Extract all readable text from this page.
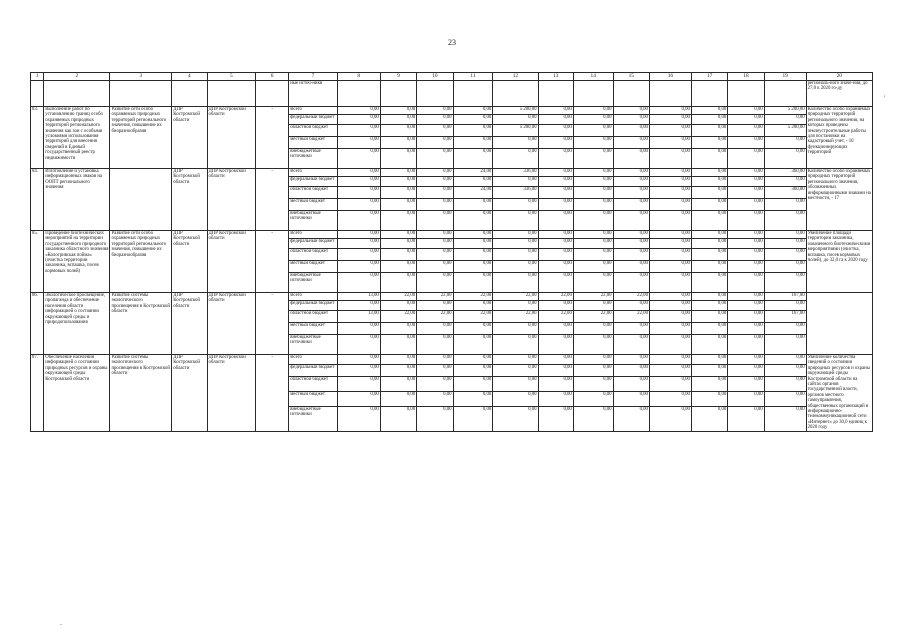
23
1	2	3	4	5	6	7	8	9	10	11	12	13	14	15	16	17	18	19	20
						ные источ-ники													региональ-ного значе-ния, до 27,0 к 2020 го-ду
83.	Выполнение работ по установлению границ особо охраняемых природных территорий регионального значения как зон с особыми условиями использования территорий для внесения сведений в Единый государственный реестр недвижимости	Развитие сети особо охраняемых природных территорий регионального значения, повышение их биоразнообразия	ДПР Костромской области	ДПР Костромской области	-	Всего	0,00	0,00	0,00	0,00	5 200,00	0,00	0,00	0,00	0,00	0,00	0,00	5 200,00	Количество особо охраняемых природных территорий регионального значения, на которых проведены землеустроительные работы для постановки на кадастровый учет, - 10 функционирующих территорий
						федеральный бюджет	0,00	0,00	0,00	0,00	0,00	0,00	0,00	0,00	0,00	0,00	0,00	0,00	
						областной бюджет	0,00	0,00	0,00	0,00	5 200,00	0,00	0,00	0,00	0,00	0,00	0,00	5 200,00	
						местный бюджет	0,00	0,00	0,00	0,00	0,00	0,00	0,00	0,00	0,00	0,00	0,00	0,00	
						внебюджетные источники	0,00	0,00	0,00	0,00	0,00	0,00	0,00	0,00	0,00	0,00	0,00	0,00	
84.	Изготовление и установка информационных знаков на ООПТ регионального значения		ДПР Костромской области	ДПР Костромской области	-	Всего	0,00	0,00	0,00	24,00	336,00	0,00	0,00	0,00	0,00	0,00	0,00	360,00	Количество особо охраняемых природных территорий регионального значения, обозначенных информационными знаками на местности, - 17
						федеральный бюджет	0,00	0,00	0,00	0,00	0,00	0,00	0,00	0,00	0,00	0,00	0,00	0,00	
						областной бюджет	0,00	0,00	0,00	24,00	336,00	0,00	0,00	0,00	0,00	0,00	0,00	360,00	
						местный бюджет	0,00	0,00	0,00	0,00	0,00	0,00	0,00	0,00	0,00	0,00	0,00	0,00	
						внебюджетные источники	0,00	0,00	0,00	0,00	0,00	0,00	0,00	0,00	0,00	0,00	0,00	0,00	
85.	Проведение биотехнических мероприятий на территории государственного природного заказника областного значения «Кологривская пойма» (очистка территории заказника, вспашка, посев кормовых полей)	Развитие сети особо охраняемых природных территорий регионального значения, повышение их биоразнообразия	ДПР Костромской области	ДПР Костромской области	-	Всего	0,00	0,00	0,00	0,00	0,00	0,00	0,00	0,00	0,00	0,00	0,00	0,00	Увеличение площади территории заказника, охваченного биотехническими мероприятиями (очистка, вспашка, посев кормовых полей), до 32,0 га к 2020 году
						федеральный бюджет	0,00	0,00	0,00	0,00	0,00	0,00	0,00	0,00	0,00	0,00	0,00	0,00	
						областной бюджет	0,00	0,00	0,00	0,00	0,00	0,00	0,00	0,00	0,00	0,00	0,00	0,00	
						местный бюджет	0,00	0,00	0,00	0,00	0,00	0,00	0,00	0,00	0,00	0,00	0,00	0,00	
						внебюджетные источники	0,00	0,00	0,00	0,00	0,00	0,00	0,00	0,00	0,00	0,00	0,00	0,00	
86.	Экологическое просвещение, пропаганда и обеспечение населения области информацией о состоянии окружающей среды и природопользования	Развитие системы экологического просвещения в Костромской области	ДПР Костромской области	ДПР Костромской области	-	Всего	13,00	22,00	22,00	22,00	22,00	22,00	22,00	22,00	0,00	0,00	0,00	167,00	
						федеральный бюджет	0,00	0,00	0,00	0,00	0,00	0,00	0,00	0,00	0,00	0,00	0,00	0,00	
						областной бюджет	13,00	22,00	22,00	22,00	22,00	22,00	22,00	22,00	0,00	0,00	0,00	167,00	
						местный бюджет	0,00	0,00	0,00	0,00	0,00	0,00	0,00	0,00	0,00	0,00	0,00	0,00	
						внебюджетные источники	0,00	0,00	0,00	0,00	0,00	0,00	0,00	0,00	0,00	0,00	0,00	0,00	
87.	Обеспечение населения информацией о состоянии природных ресурсов и охраны окружающей среды Костромской области	Развитие системы экологического просвещения в Костромской области	ДПР Костромской области	ДПР Костромской области	-	Всего	0,00	0,00	0,00	0,00	0,00	0,00	0,00	0,00	0,00	0,00	0,00	0,00	Увеличение количества сведений о состоянии природных ресурсов и охраны окружающей среды Костромской области на сайтах органов государственной власти, органов местного самоуправления, общественных организаций в информационно-телекоммуникационной сети «Интернет» до 30,0 единиц к 2020 году
						федеральный бюджет	0,00	0,00	0,00	0,00	0,00	0,00	0,00	0,00	0,00	0,00	0,00	0,00	
						областной бюджет	0,00	0,00	0,00	0,00	0,00	0,00	0,00	0,00	0,00	0,00	0,00	0,00	
						местный бюджет	0,00	0,00	0,00	0,00	0,00	0,00	0,00	0,00	0,00	0,00	0,00	0,00	
						внебюджетные источники	0,00	0,00	0,00	0,00	0,00	0,00	0,00	0,00	0,00	0,00	0,00	0,00	
'
.
